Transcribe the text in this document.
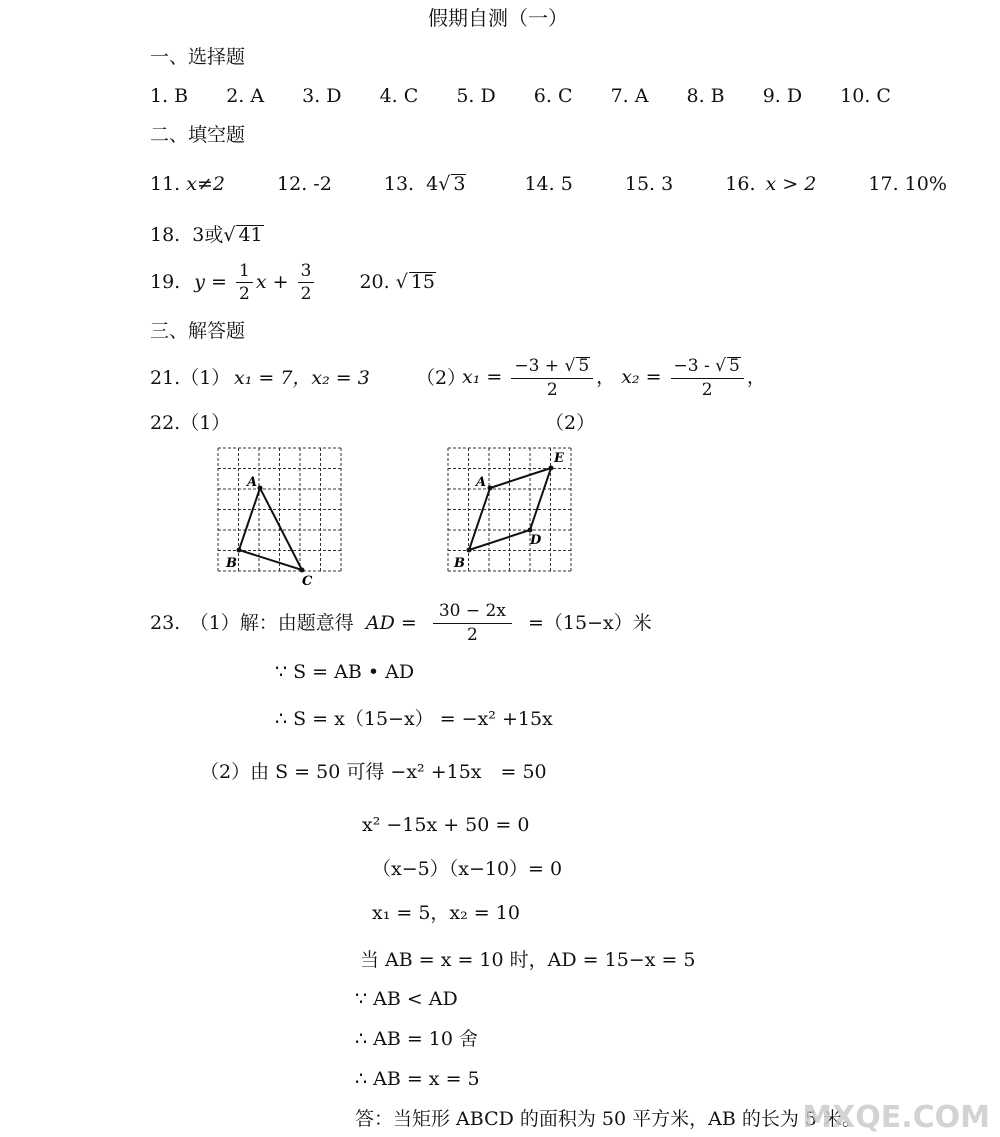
假期自测（一）
一、选择题
1. B 2. A 3. D 4. C 5. D 6. C 7. A 8. B 9. D 10. C
二、填空题
11. x≠2	12. -2	13. 4√ 3	14. 5	15. 3	16. x > 2	17. 10%
18. 3或√ 41
19. $y = \frac{1}{2}$ $x + \frac{3}{2} 20$. √ 15
三、解答题
21.（1） x₁ = 7，x₂ = 3 （2）
$x_1 = \frac{-3 + √ 5}{2}$ ， $x_2 = \frac{-3 - √ 5}{2}$ ，
22.（1）	（2）
A
B
C
A
E
D
B
23.　（1）解：由题意得 AD = $\frac{30 - 2x}{2} =(15-x)$米
∵ S = AB • AD
∴ S = x（15−x） = −x² +15x
（2）由 S = 50 可得 −x² +15x　= 50
x² −15x + 50 = 0
（x−5）（x−10）= 0
x₁ = 5，x₂ = 10
当 AB = x = 10 时，AD = 15−x = 5
∵ AB < AD
∴ AB = 10 舍
∴ AB = x = 5
答：当矩形 ABCD 的面积为 50 平方米，AB 的长为 5 米。
MXQE.COM
